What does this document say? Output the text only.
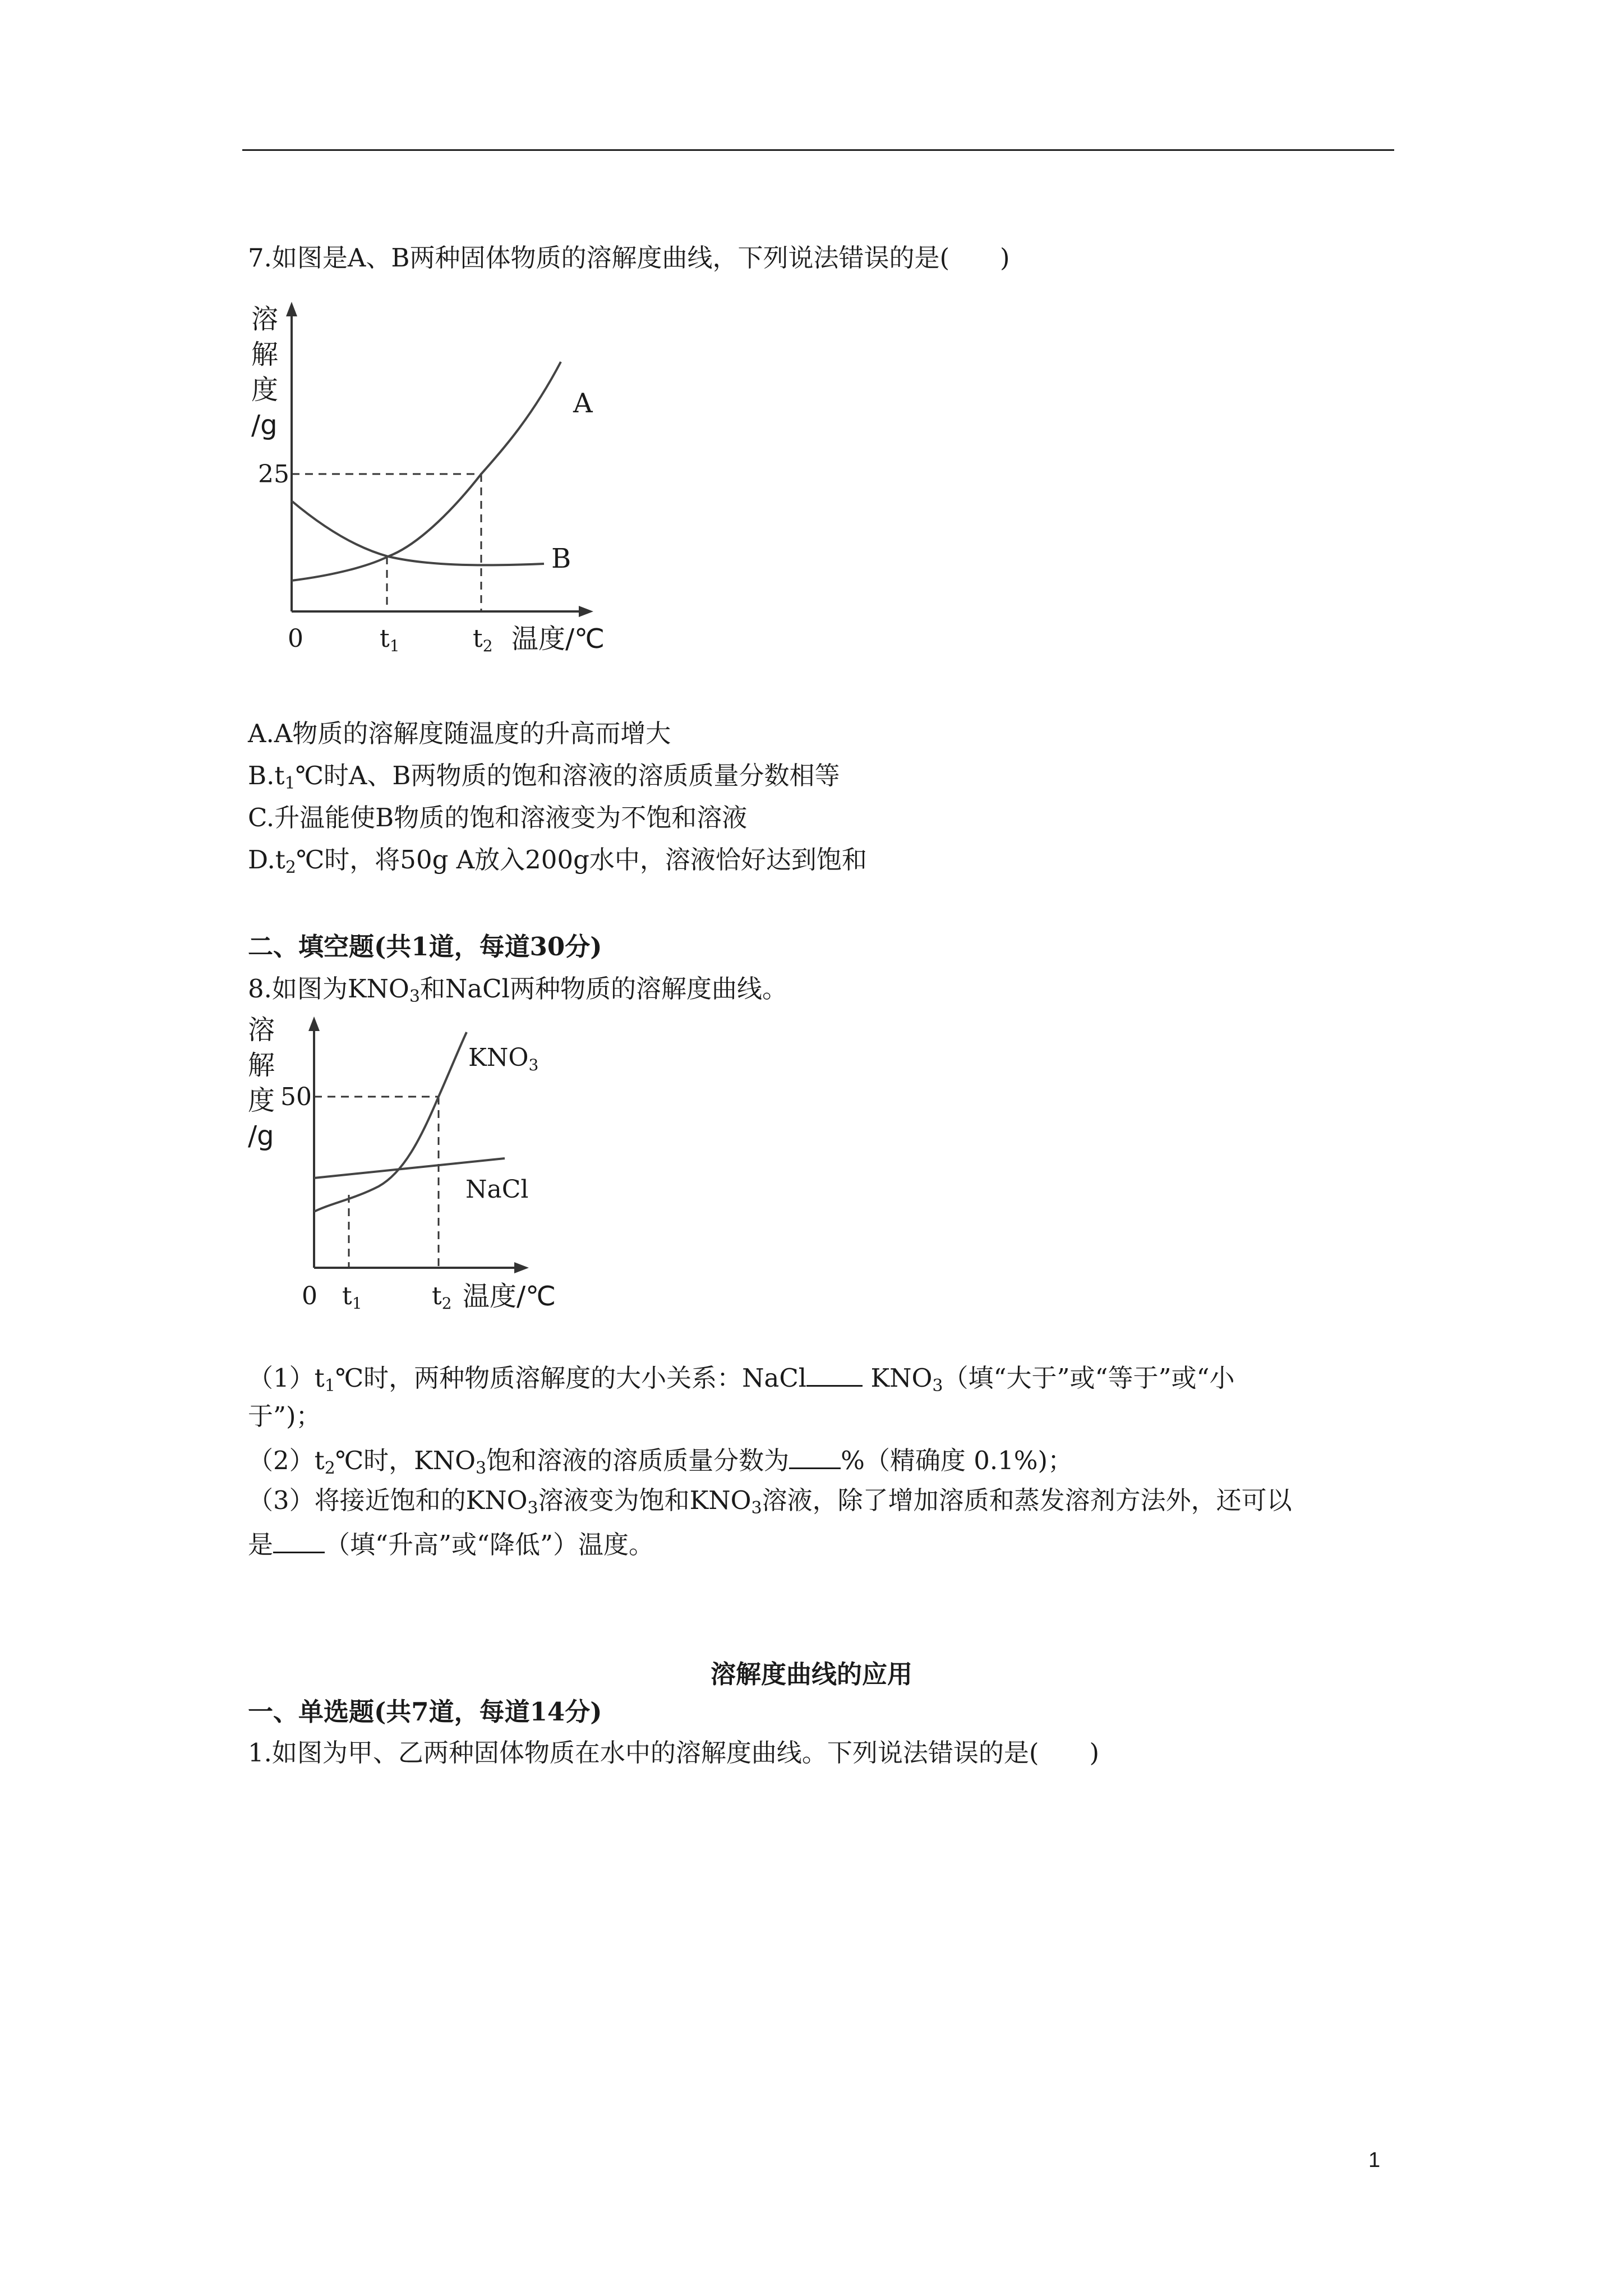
7.如图是A、B两种固体物质的溶解度曲线，下列说法错误的是(　　)
溶
解
度
/g
25
A
B
0	t1	t2 温度/℃
A.A物质的溶解度随温度的升高而增大
$B.t_1℃$时A、B两物质的饱和溶液的溶质质量分数相等
C.升温能使B物质的饱和溶液变为不饱和溶液
$D.t_2℃$时，将50g A放入200g水中，溶液恰好达到饱和
二、填空题(共1道，每道30分)
8.如图为$KNO_3$和NaCl两种物质的溶解度曲线。
溶
解
度
/g
50
KNO3
NaCl
0 t1	t2 温度/℃
$(1)t_1℃$时，两种物质溶解度的大小关系：NaCl $KNO_3$（填“大于”或“等于”或“小
于”)；
$(2)t_2℃$时，$KNO_3$饱和溶液的溶质质量分数为 %（精确度 0.1%)；
（3）将接近饱和的$KNO_3$溶液变为饱和$KNO_3$溶液，除了增加溶质和蒸发溶剂方法外，还可以
是 （填“升高”或“降低”）温度。
溶解度曲线的应用
一、单选题(共7道，每道14分)
1.如图为甲、乙两种固体物质在水中的溶解度曲线。下列说法错误的是(　　)
1
